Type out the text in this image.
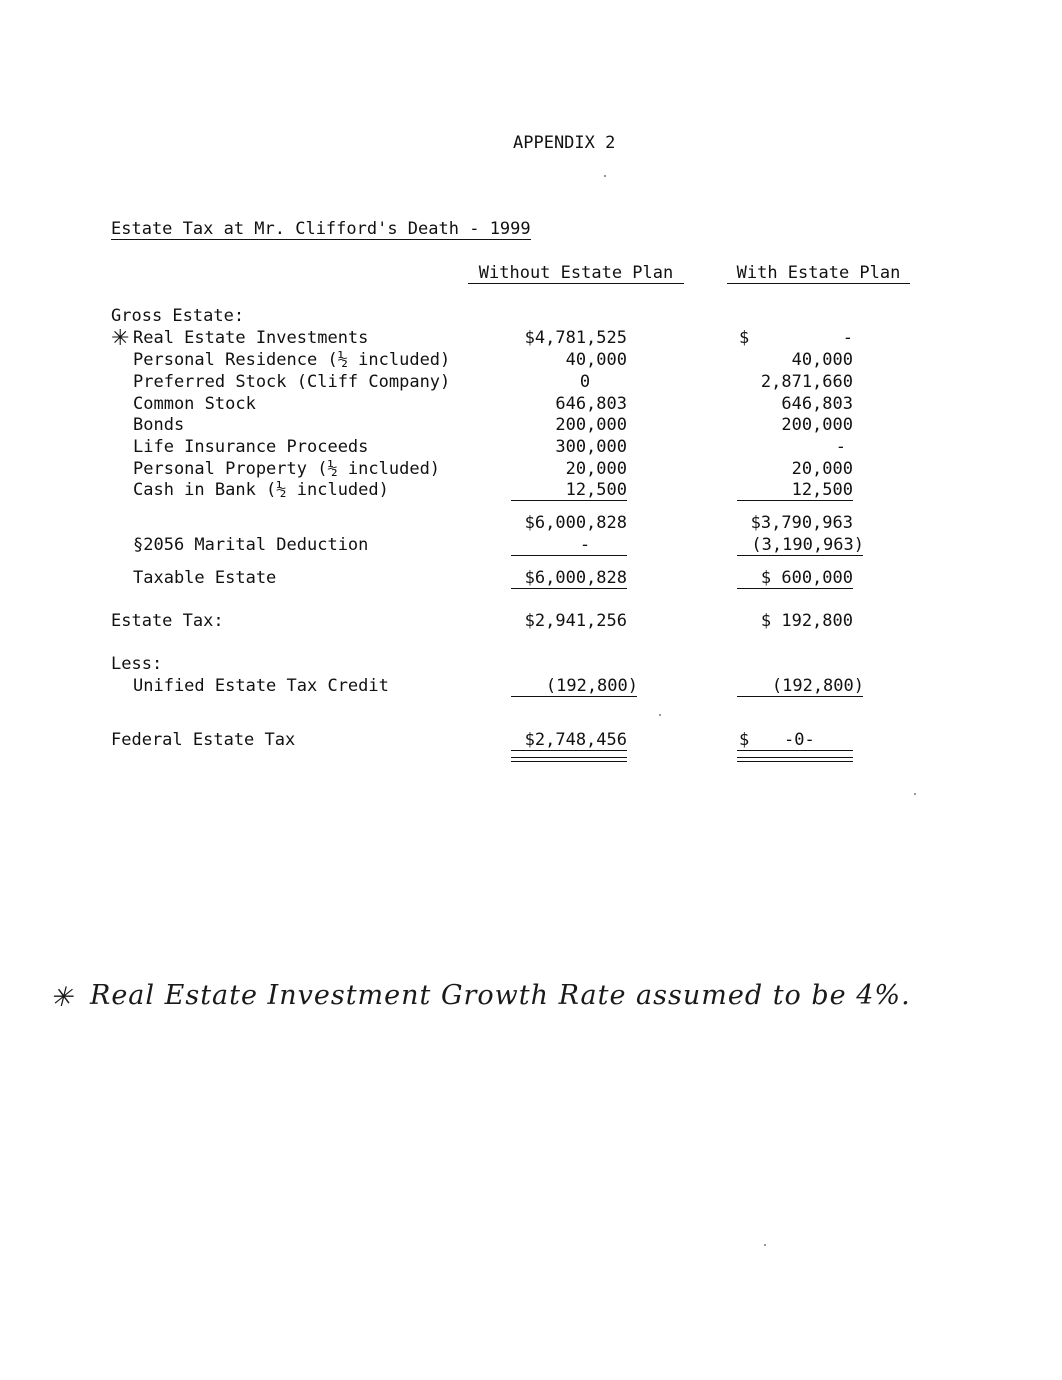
APPENDIX 2
Estate Tax at Mr. Clifford's Death - 1999
Without Estate Plan	With Estate Plan
Gross Estate:
✳ Real Estate Investments	$4,781,525	$	-
Personal Residence (½ included)	40,000	40,000
Preferred Stock (Cliff Company)	0	2,871,660
Common Stock	646,803	646,803
Bonds	200,000	200,000
Life Insurance Proceeds	300,000	-
Personal Property (½ included)	20,000	20,000
Cash in Bank (½ included)	12,500	12,500
$6,000,828	$3,790,963
§2056 Marital Deduction	-	(3,190,963)
Taxable Estate	$6,000,828	$ 600,000
Estate Tax:	$2,941,256	$ 192,800
Less:
Unified Estate Tax Credit	(192,800)	(192,800)
Federal Estate Tax	$2,748,456	$ -0-
✳ Real Estate Investment Growth Rate assumed to be 4%.
